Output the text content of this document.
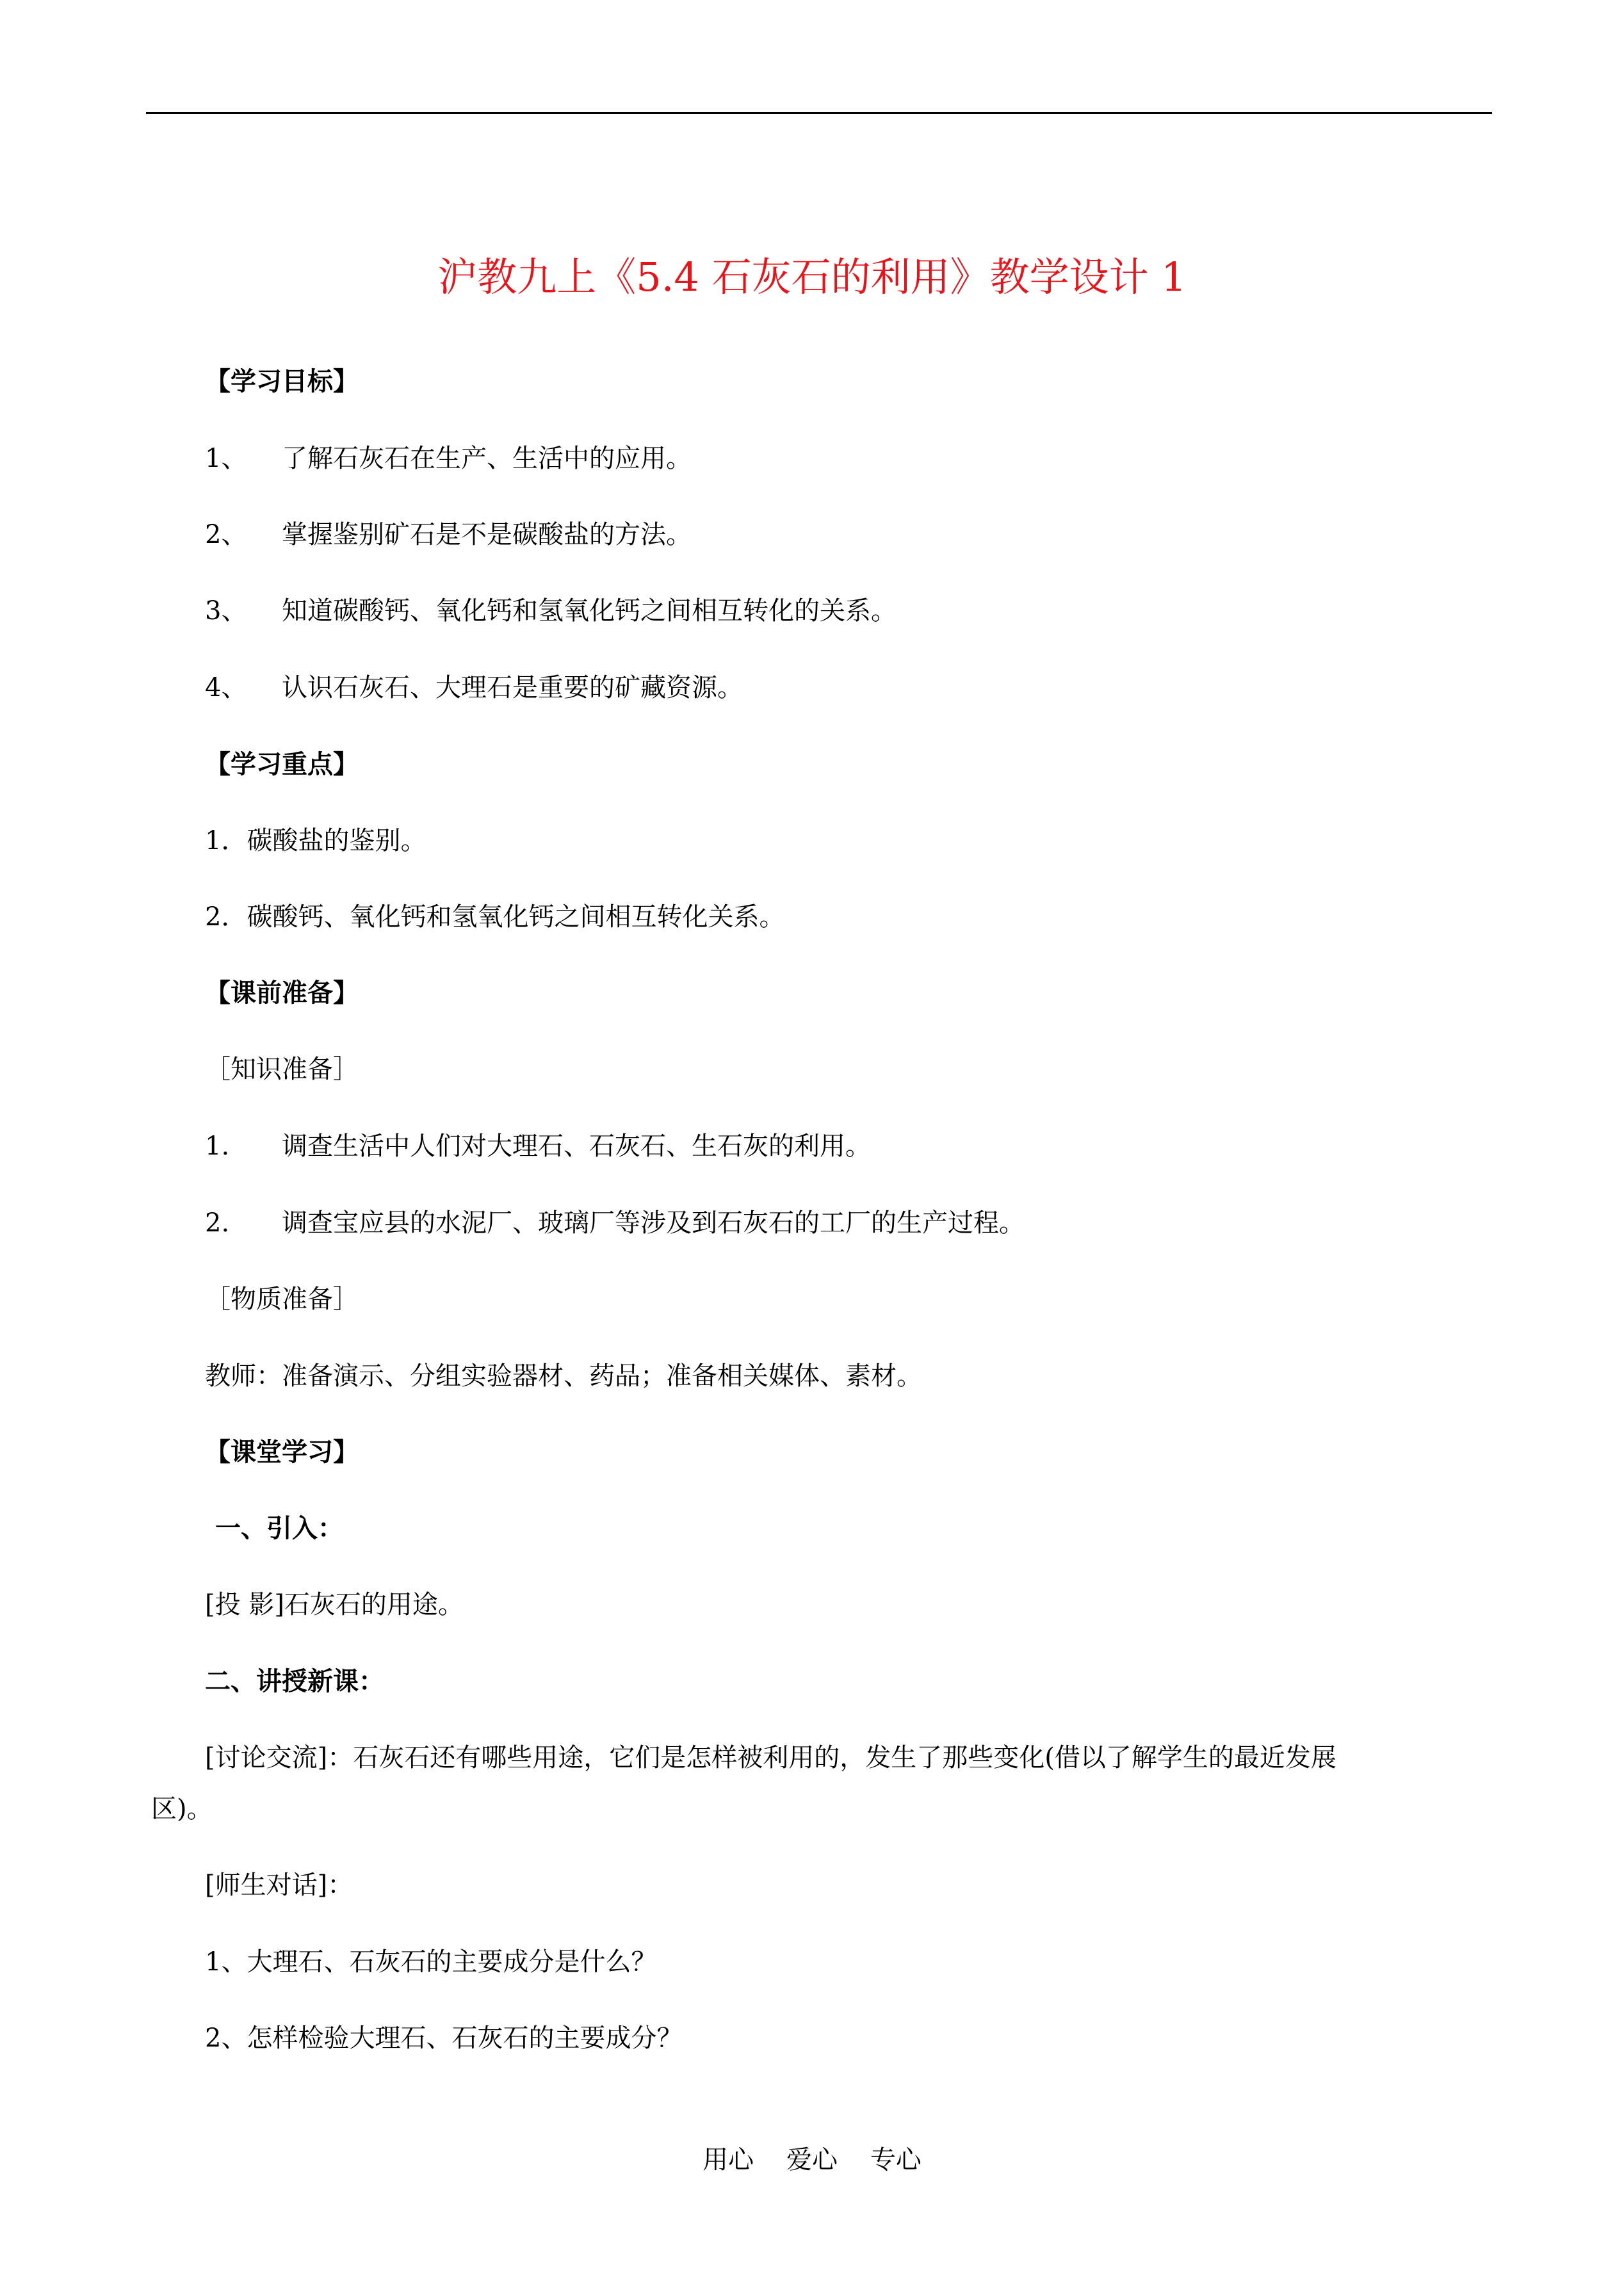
沪教九上《5.4 石灰石的利用》教学设计 1
【学习目标】
1、 了解石灰石在生产、生活中的应用。
2、 掌握鉴别矿石是不是碳酸盐的方法。
3、 知道碳酸钙、氧化钙和氢氧化钙之间相互转化的关系。
4、 认识石灰石、大理石是重要的矿藏资源。
【学习重点】
1．碳酸盐的鉴别。
2．碳酸钙、氧化钙和氢氧化钙之间相互转化关系。
【课前准备】
［知识准备］
1. 调查生活中人们对大理石、石灰石、生石灰的利用。
2. 调查宝应县的水泥厂、玻璃厂等涉及到石灰石的工厂的生产过程。
［物质准备］
教师：准备演示、分组实验器材、药品；准备相关媒体、素材。
【课堂学习】
一、引入：
[投 影]石灰石的用途。
二、讲授新课：
[讨论交流]：石灰石还有哪些用途，它们是怎样被利用的，发生了那些变化(借以了解学生的最近发展
区)。
[师生对话]：
1、大理石、石灰石的主要成分是什么？
2、怎样检验大理石、石灰石的主要成分？
用心    爱心    专心
